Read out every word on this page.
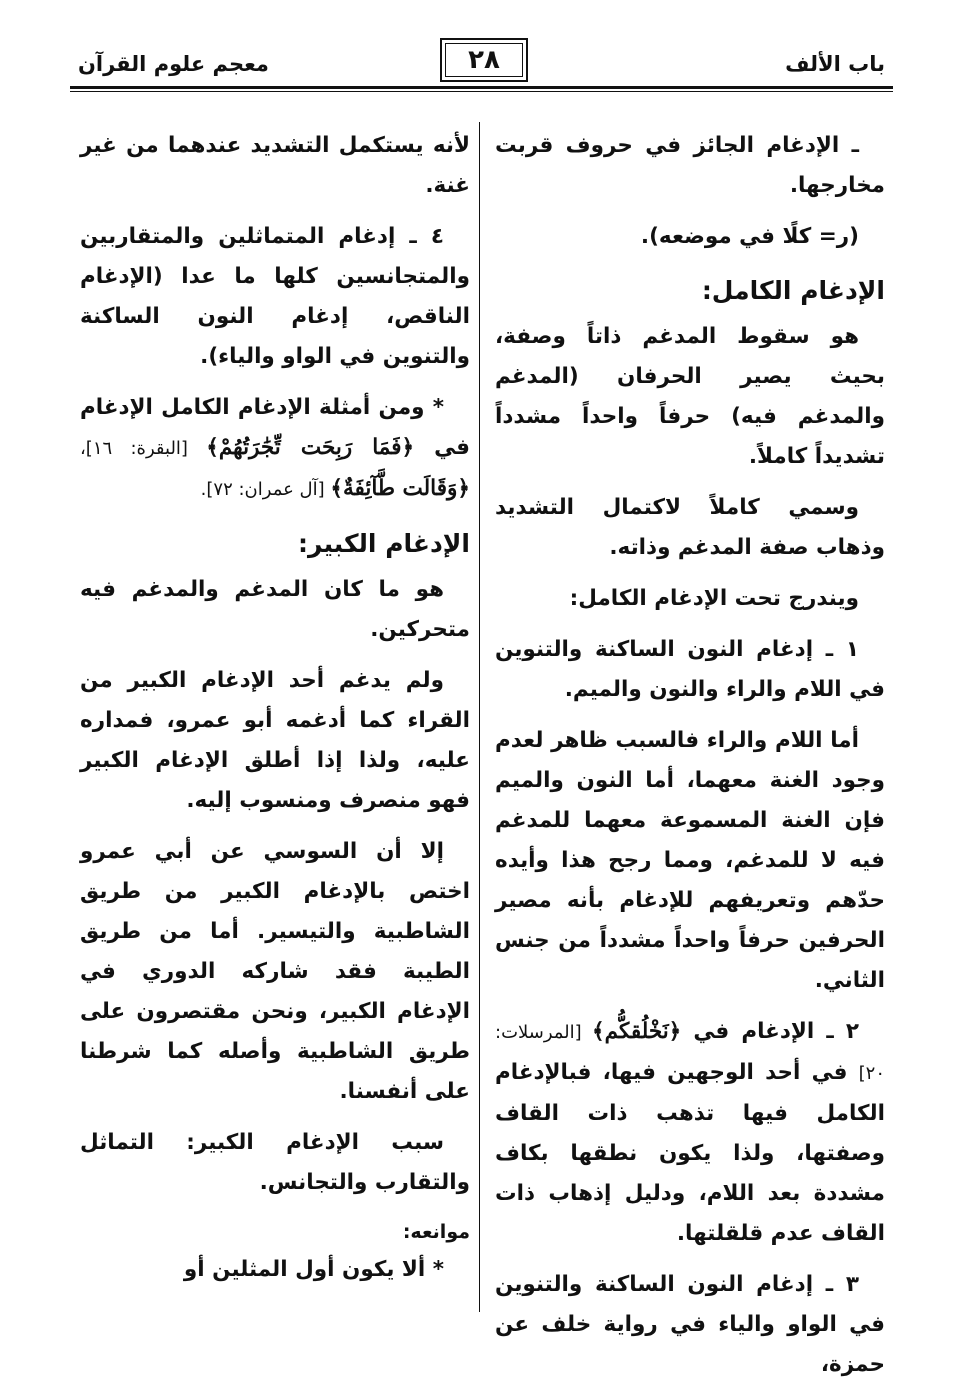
باب الألف
٢٨
معجم علوم القرآن

ـ الإدغام الجائز في حروف قربت مخارجها.

(ر= كلًا في موضعه).

الإدغام الكامل:

هو سقوط المدغم ذاتاً وصفة، بحيث يصير الحرفان (المدغم والمدغم فيه) حرفاً واحداً مشدداً تشديداً كاملاً.

وسمي كاملاً لاكتمال التشديد وذهاب صفة المدغم وذاته.

ويندرج تحت الإدغام الكامل:

١ ـ إدغام النون الساكنة والتنوين في اللام والراء والنون والميم.

أما اللام والراء فالسبب ظاهر لعدم وجود الغنة معهما، أما النون والميم فإن الغنة المسموعة معهما للمدغم فيه لا للمدغم، ومما رجح هذا وأيده حدّهم وتعريفهم للإدغام بأنه مصير الحرفين حرفاً واحداً مشدداً من جنس الثاني.

٢ ـ الإدغام في ﴿نَخْلُقكُّم﴾ [المرسلات: ٢٠] في أحد الوجهين فيها، فبالإدغام الكامل فيها تذهب ذات القاف وصفتها، ولذا يكون نطقها بكاف مشددة بعد اللام، ودليل إذهاب ذات القاف عدم قلقلتها.

٣ ـ إدغام النون الساكنة والتنوين في الواو والياء في رواية خلف عن حمزة،

لأنه يستكمل التشديد عندهما من غير غنة.

٤ ـ إدغام المتماثلين والمتقاربين والمتجانسين كلها ما عدا (الإدغام الناقص، إدغام النون الساكنة والتنوين في الواو والياء).

* ومن أمثلة الإدغام الكامل الإدغام في ﴿فَمَا رَبِحَت تِّجَٰرَتُهُمْ﴾ [البقرة: ١٦]، ﴿وَقَالَت طَّآئِفَةٌ﴾ [آل عمران: ٧٢].

الإدغام الكبير:

هو ما كان المدغم والمدغم فيه متحركين.

ولم يدغم أحد الإدغام الكبير من القراء كما أدغمه أبو عمرو، فمداره عليه، ولذا إذا أطلق الإدغام الكبير فهو منصرف ومنسوب إليه.

إلا أن السوسي عن أبي عمرو اختص بالإدغام الكبير من طريق الشاطبية والتيسير. أما من طريق الطيبة فقد شاركه الدوري في الإدغام الكبير، ونحن مقتصرون على طريق الشاطبية وأصله كما شرطنا على أنفسنا.

سبب الإدغام الكبير: التماثل والتقارب والتجانس.

موانعه:

* ألا يكون أول المثلين أو
